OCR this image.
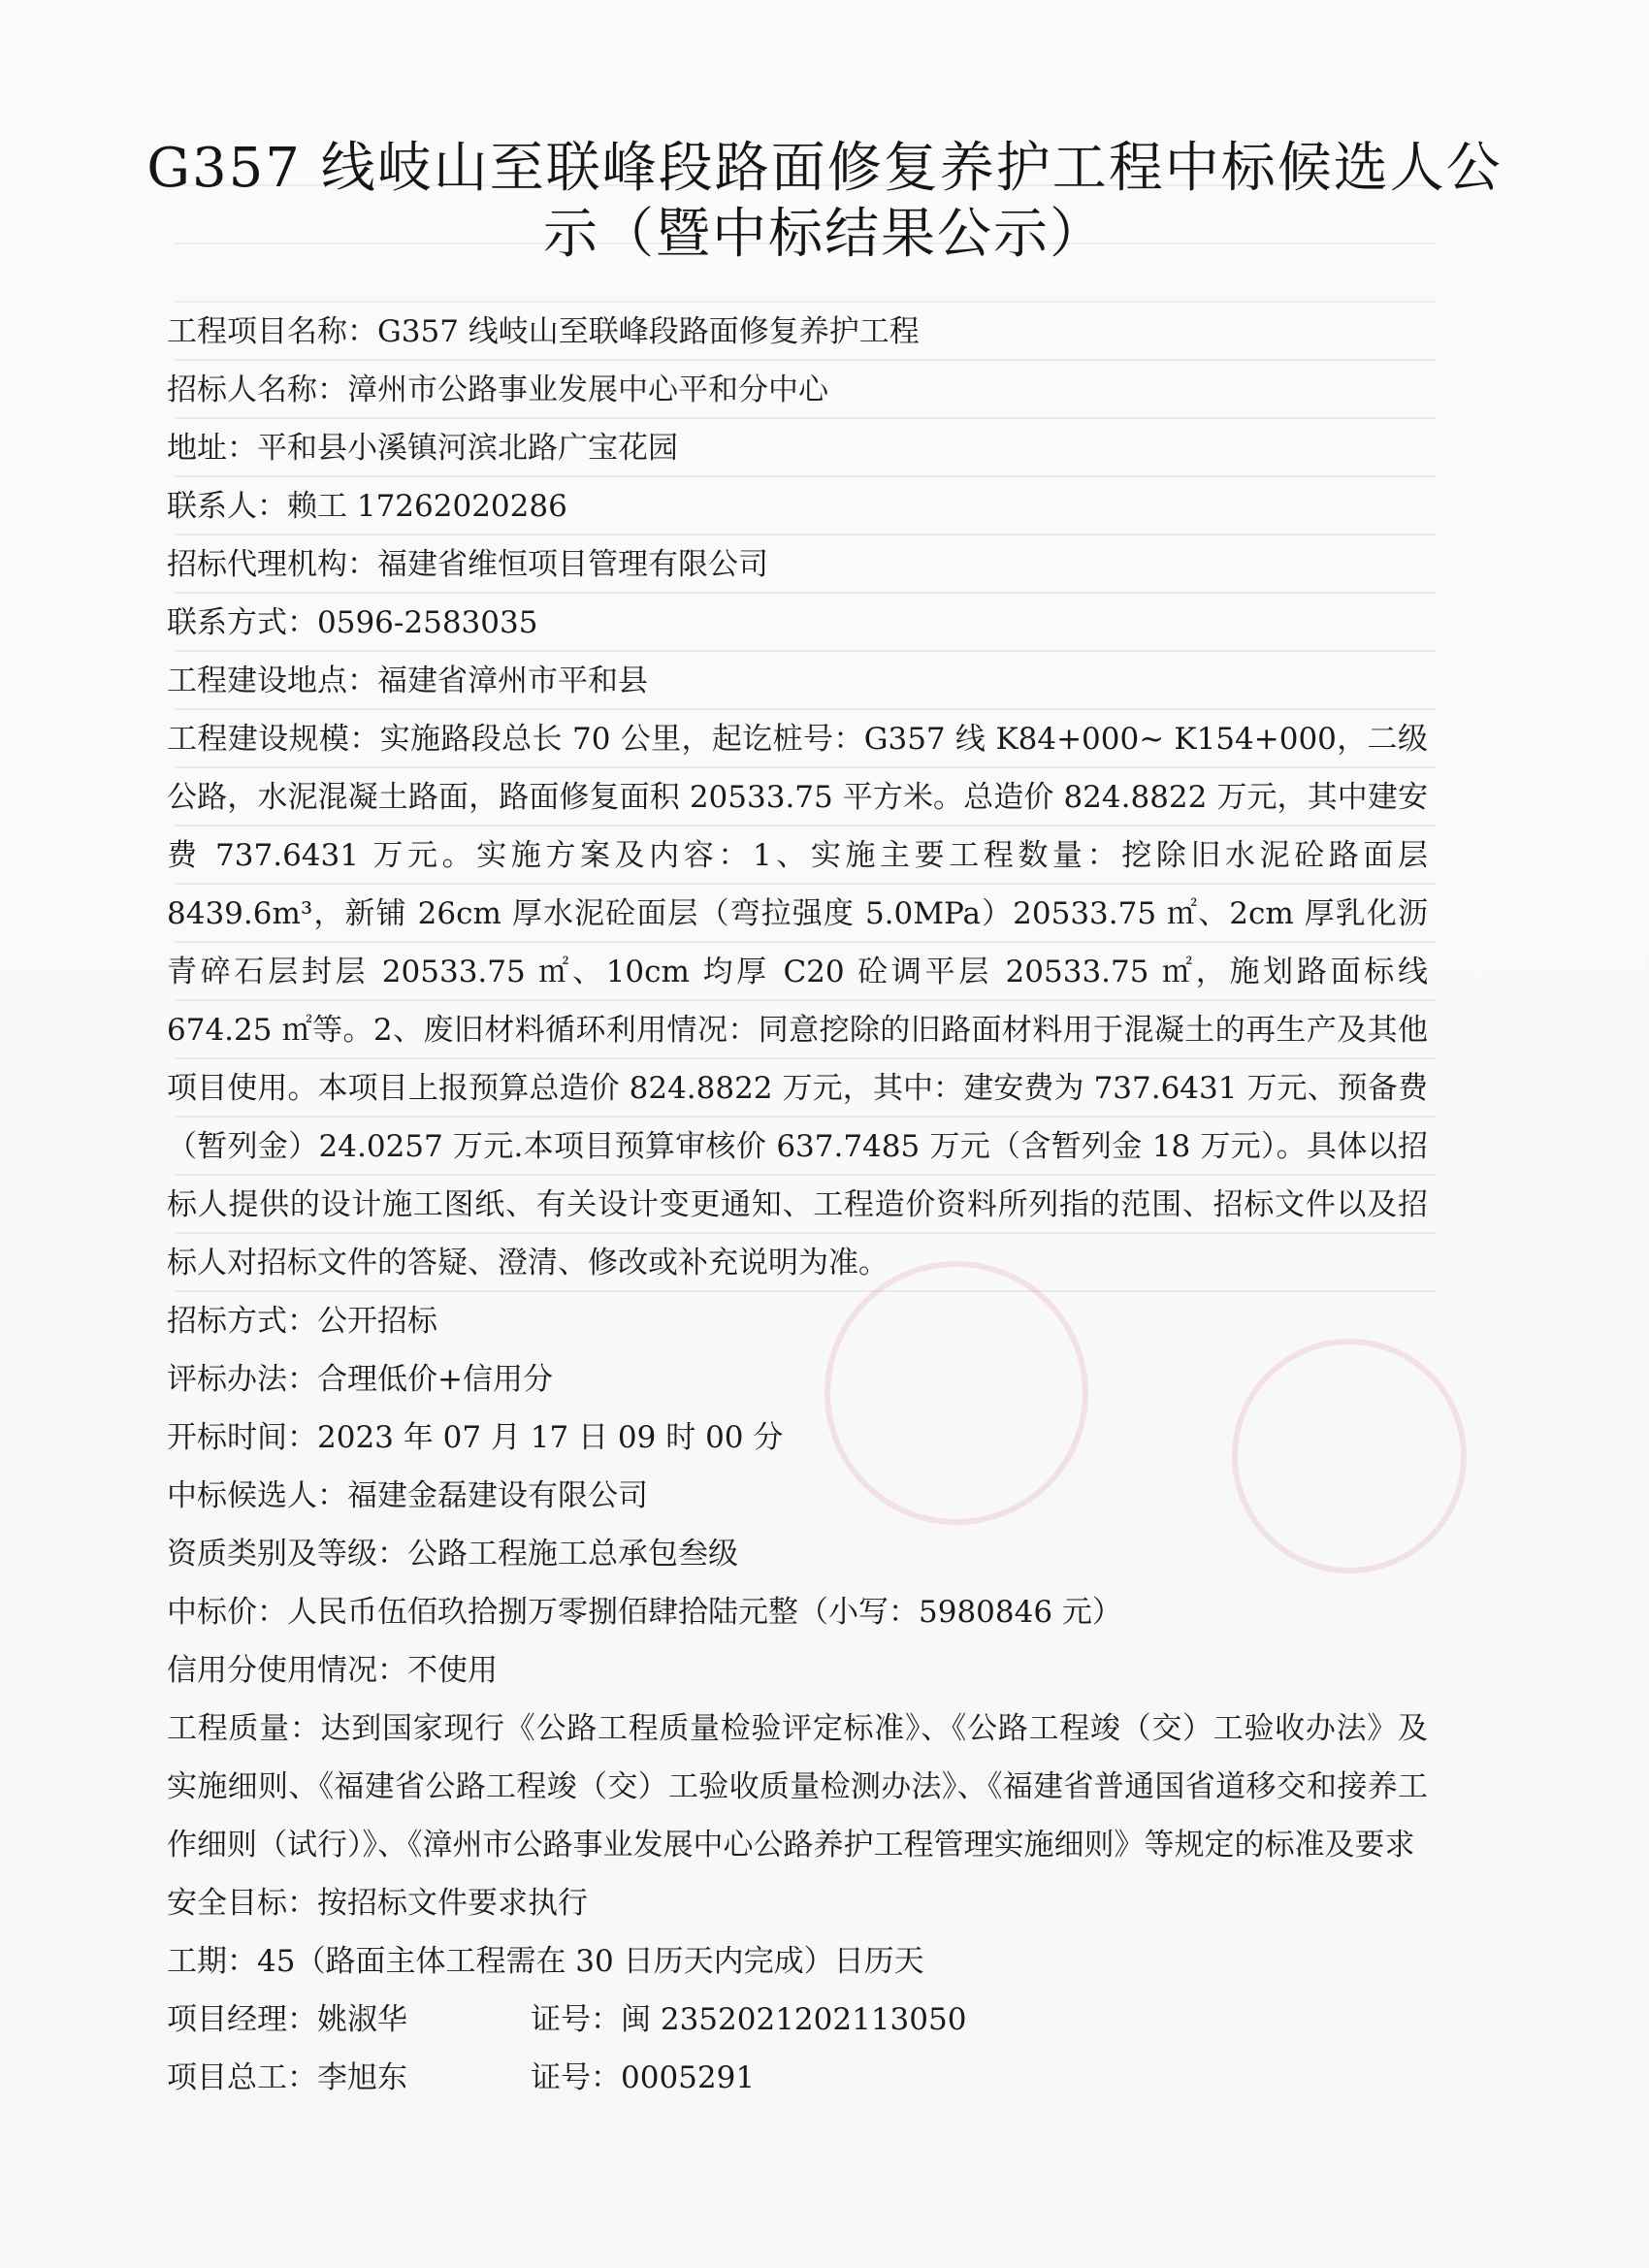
G357 线岐山至联峰段路面修复养护工程中标候选人公示（暨中标结果公示）

工程项目名称：G357 线岐山至联峰段路面修复养护工程

招标人名称：漳州市公路事业发展中心平和分中心

地址：平和县小溪镇河滨北路广宝花园

联系人：赖工 17262020286

招标代理机构：福建省维恒项目管理有限公司

联系方式：0596-2583035

工程建设地点：福建省漳州市平和县

工程建设规模：实施路段总长 70 公里，起讫桩号：G357 线 K84+000~ K154+000，二级公路，水泥混凝土路面，路面修复面积 20533.75 平方米。总造价 824.8822 万元，其中建安费 737.6431 万元。实施方案及内容：1、实施主要工程数量：挖除旧水泥砼路面层 8439.6m³，新铺 26cm 厚水泥砼面层（弯拉强度 5.0MPa）20533.75 ㎡、2cm 厚乳化沥青碎石层封层 20533.75 ㎡、10cm 均厚 C20 砼调平层 20533.75 ㎡，施划路面标线 674.25 ㎡等。2、废旧材料循环利用情况：同意挖除的旧路面材料用于混凝土的再生产及其他项目使用。本项目上报预算总造价 824.8822 万元，其中：建安费为 737.6431 万元、预备费（暂列金）24.0257 万元.本项目预算审核价 637.7485 万元（含暂列金 18 万元）。具体以招标人提供的设计施工图纸、有关设计变更通知、工程造价资料所列指的范围、招标文件以及招标人对招标文件的答疑、澄清、修改或补充说明为准。

招标方式：公开招标

评标办法：合理低价+信用分

开标时间：2023 年 07 月 17 日 09 时 00 分

中标候选人：福建金磊建设有限公司

资质类别及等级：公路工程施工总承包叁级

中标价：人民币伍佰玖拾捌万零捌佰肆拾陆元整（小写：5980846 元）

信用分使用情况：不使用

工程质量：达到国家现行《公路工程质量检验评定标准》、《公路工程竣（交）工验收办法》及实施细则、《福建省公路工程竣（交）工验收质量检测办法》、《福建省普通国省道移交和接养工作细则（试行）》、《漳州市公路事业发展中心公路养护工程管理实施细则》等规定的标准及要求

安全目标：按招标文件要求执行

工期：45（路面主体工程需在 30 日历天内完成）日历天

项目经理：姚淑华	证号：闽 2352021202113050

项目总工：李旭东	证号：0005291
